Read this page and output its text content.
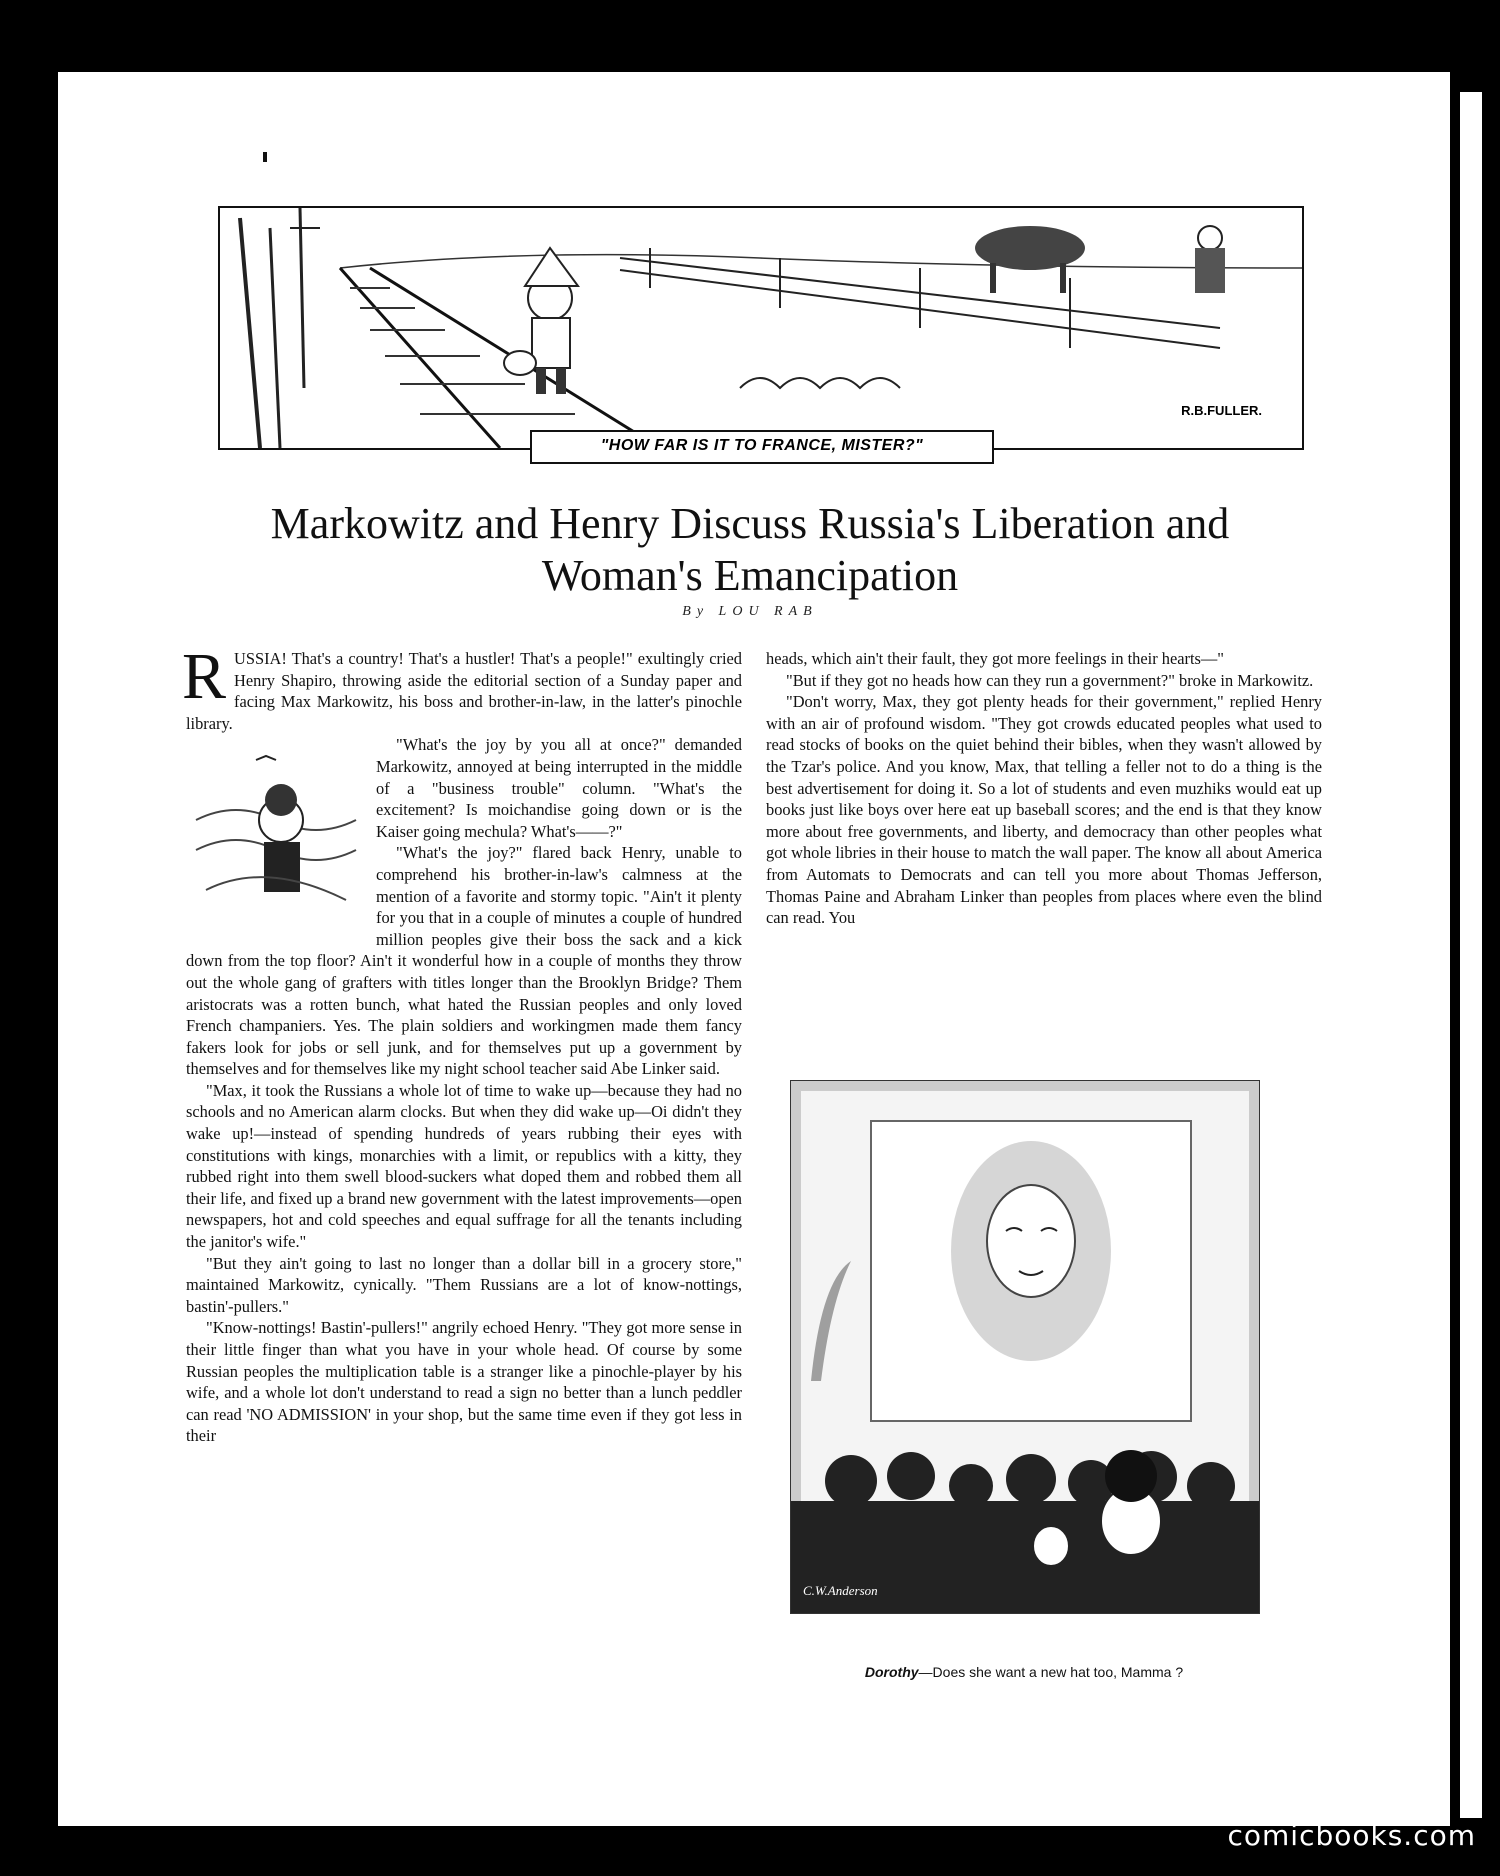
R.B.FULLER.
"HOW FAR IS IT TO FRANCE, MISTER?"
Markowitz and Henry Discuss Russia's Liberation and
Woman's Emancipation
By LOU RAB

RUSSIA! That's a country! That's a hustler! That's a people!" exultingly cried Henry Shapiro, throwing aside the editorial section of a Sunday paper and facing Max Markowitz, his boss and brother-in-law, in the latter's pinochle library.

"What's the joy by you all at once?" demanded Markowitz, annoyed at being interrupted in the middle of a "business trouble" column. "What's the excitement? Is moichandise going down or is the Kaiser going mechula? What's——?"

"What's the joy?" flared back Henry, unable to comprehend his brother-in-law's calmness at the mention of a favorite and stormy topic. "Ain't it plenty for you that in a couple of minutes a couple of hundred million peoples give their boss the sack and a kick down from the top floor? Ain't it wonderful how in a couple of months they throw out the whole gang of grafters with titles longer than the Brooklyn Bridge? Them aristocrats was a rotten bunch, what hated the Russian peoples and only loved French champaniers. Yes. The plain soldiers and workingmen made them fancy fakers look for jobs or sell junk, and for themselves put up a government by themselves and for themselves like my night school teacher said Abe Linker said.

"Max, it took the Russians a whole lot of time to wake up—because they had no schools and no American alarm clocks. But when they did wake up—Oi didn't they wake up!—instead of spending hundreds of years rubbing their eyes with constitutions with kings, monarchies with a limit, or republics with a kitty, they rubbed right into them swell blood-suckers what doped them and robbed them all their life, and fixed up a brand new government with the latest improvements—open newspapers, hot and cold speeches and equal suffrage for all the tenants including the janitor's wife."

"But they ain't going to last no longer than a dollar bill in a grocery store," maintained Markowitz, cynically. "Them Russians are a lot of know-nottings, bastin'-pullers."

"Know-nottings! Bastin'-pullers!" angrily echoed Henry. "They got more sense in their little finger than what you have in your whole head. Of course by some Russian peoples the multiplication table is a stranger like a pinochle-player by his wife, and a whole lot don't understand to read a sign no better than a lunch peddler can read 'NO ADMISSION' in your shop, but the same time even if they got less in their

heads, which ain't their fault, they got more feelings in their hearts—"

"But if they got no heads how can they run a government?" broke in Markowitz.

"Don't worry, Max, they got plenty heads for their government," replied Henry with an air of profound wisdom. "They got crowds educated peoples what used to read stocks of books on the quiet behind their bibles, when they wasn't allowed by the Tzar's police. And you know, Max, that telling a feller not to do a thing is the best advertisement for doing it. So a lot of students and even muzhiks would eat up books just like boys over here eat up baseball scores; and the end is that they know more about free governments, and liberty, and democracy than other peoples what got whole libries in their house to match the wall paper. The know all about America from Automats to Democrats and can tell you more about Thomas Jefferson, Thomas Paine and Abraham Linker than peoples from places where even the blind can read. You

C.W.Anderson
Dorothy—Does she want a new hat too, Mamma ?
comicbooks.com
